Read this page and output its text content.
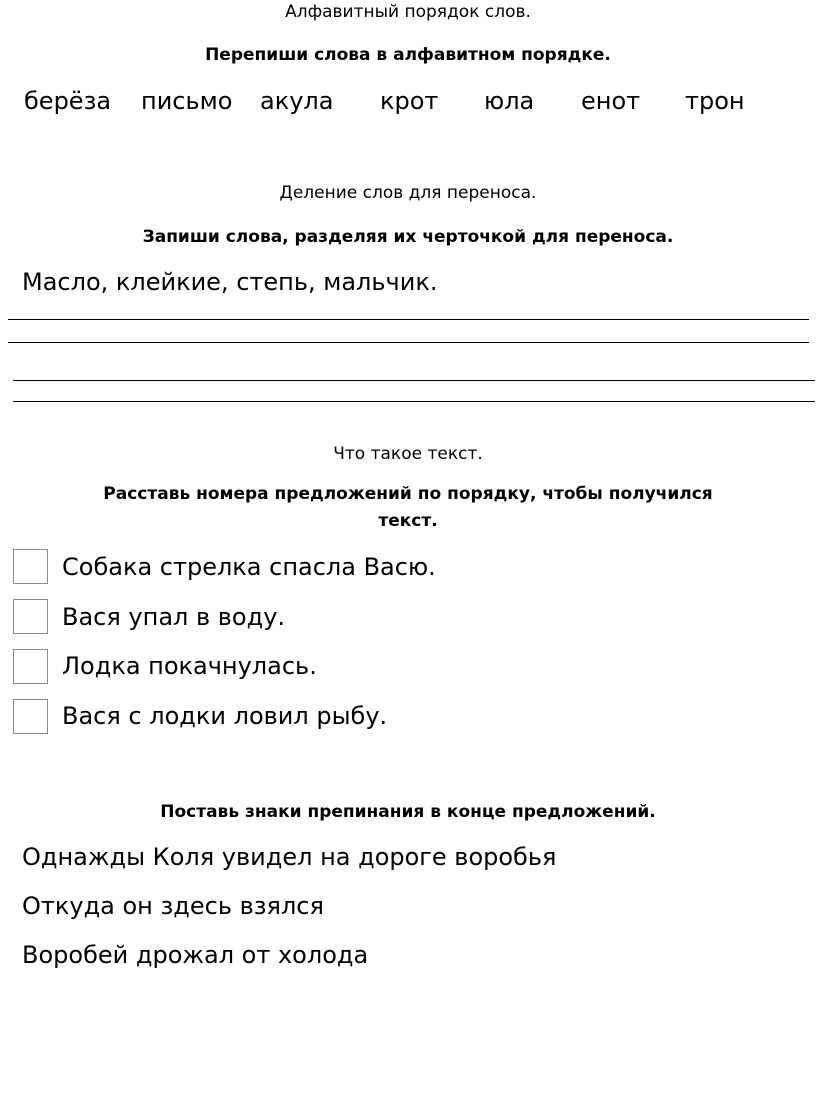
Алфавитный порядок слов.
Перепиши слова в алфавитном порядке.
берёза письмо акула крот юла енот трон
Деление слов для переноса.
Запиши слова, разделяя их черточкой для переноса.
Масло, клейкие, степь, мальчик.
Что такое текст.
Расставь номера предложений по порядку, чтобы получился
текст.
Собака стрелка спасла Васю.
Вася упал в воду.
Лодка покачнулась.
Вася с лодки ловил рыбу.
Поставь знаки препинания в конце предложений.
Однажды Коля увидел на дороге воробья
Откуда он здесь взялся
Воробей дрожал от холода
